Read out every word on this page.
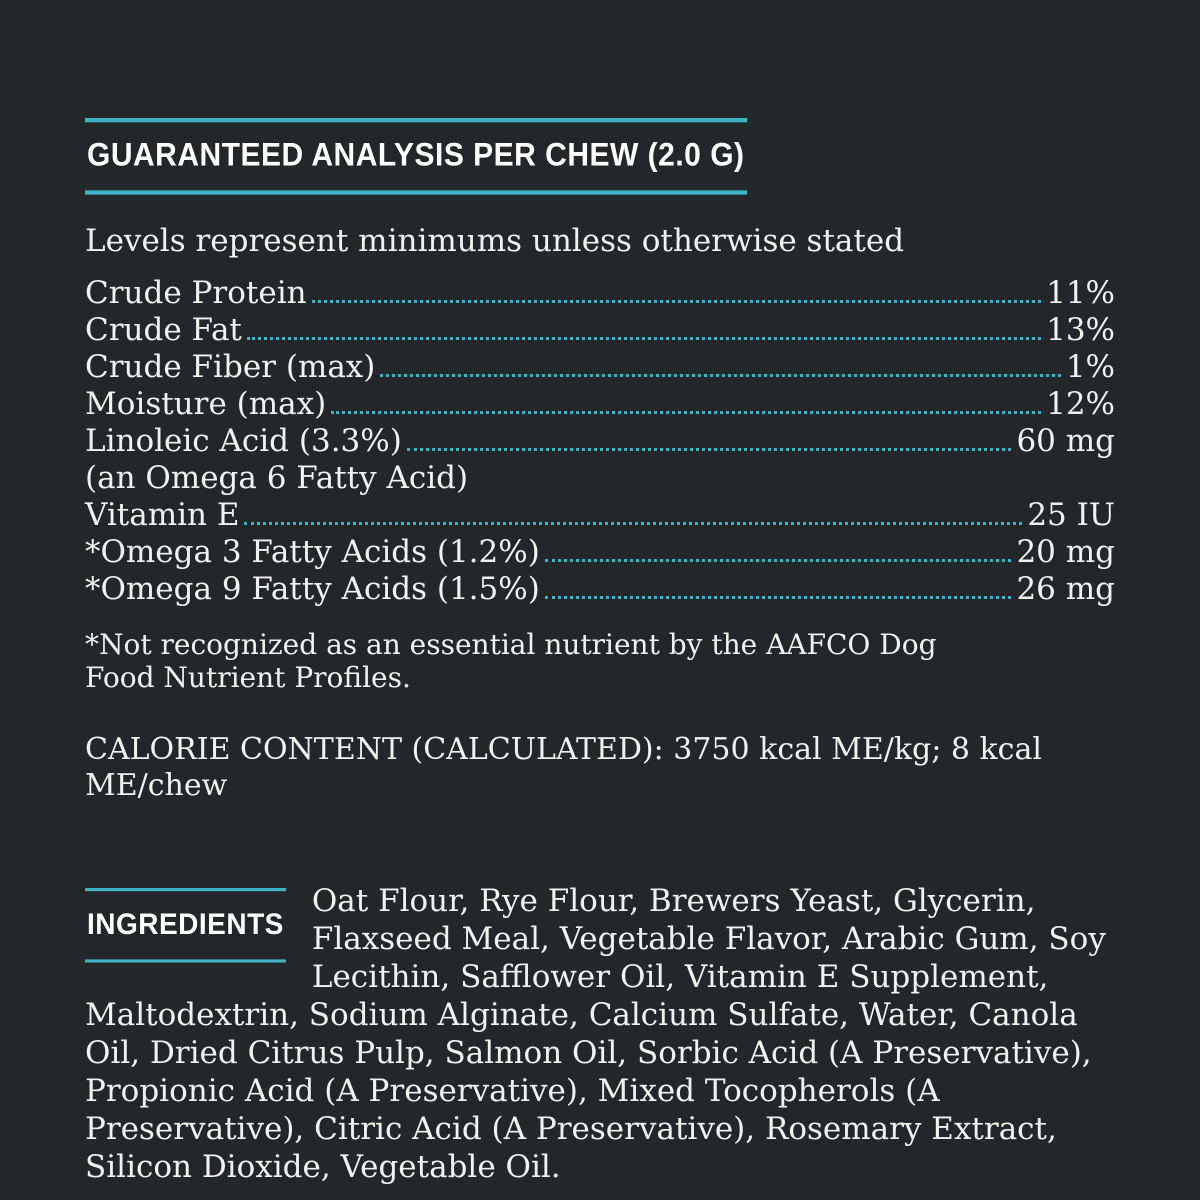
GUARANTEED ANALYSIS PER CHEW (2.0 G)
Levels represent minimums unless otherwise stated
Crude Protein	11%
Crude Fat	13%
Crude Fiber (max)	1%
Moisture (max)	12%
Linoleic Acid (3.3%)	60 mg
(an Omega 6 Fatty Acid)
Vitamin E	25 IU
*Omega 3 Fatty Acids (1.2%)	20 mg
*Omega 9 Fatty Acids (1.5%)	26 mg
*Not recognized as an essential nutrient by the AAFCO Dog Food Nutrient Profiles.
CALORIE CONTENT (CALCULATED): 3750 kcal ME/kg; 8 kcal ME/chew
INGREDIENTS
Oat Flour, Rye Flour, Brewers Yeast, Glycerin, Flaxseed Meal, Vegetable Flavor, Arabic Gum, Soy Lecithin, Safflower Oil, Vitamin E Supplement, Maltodextrin, Sodium Alginate, Calcium Sulfate, Water, Canola Oil, Dried Citrus Pulp, Salmon Oil, Sorbic Acid (A Preservative), Propionic Acid (A Preservative), Mixed Tocopherols (A Preservative), Citric Acid (A Preservative), Rosemary Extract, Silicon Dioxide, Vegetable Oil.
